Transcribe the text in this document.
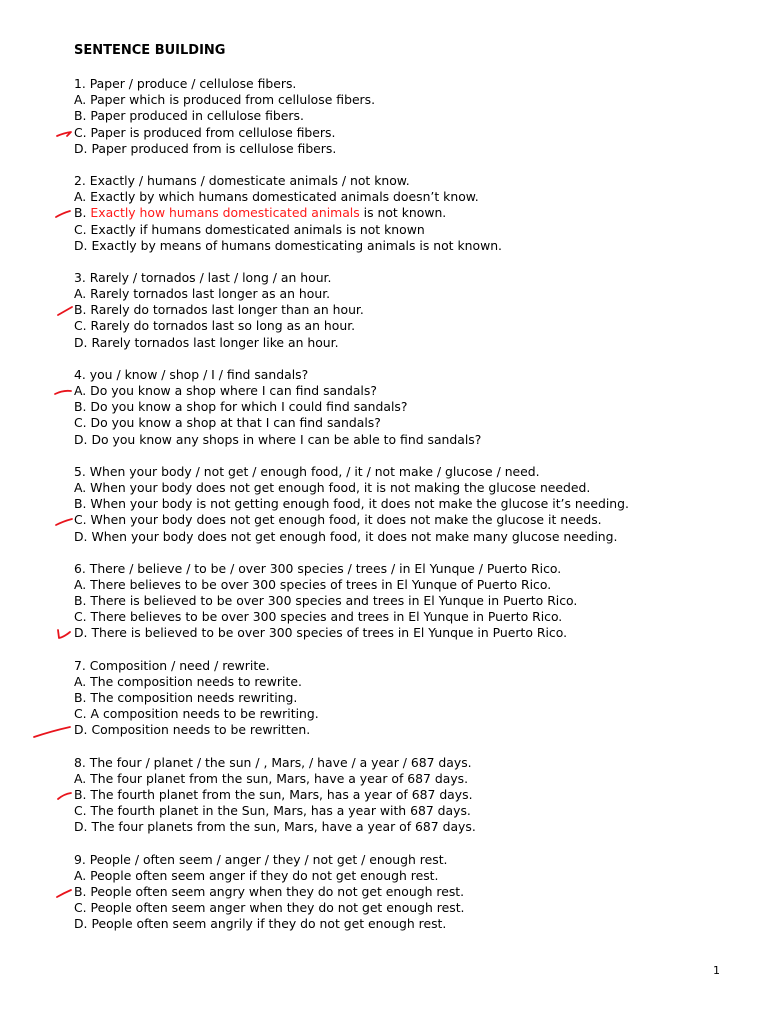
SENTENCE BUILDING
1. Paper / produce / cellulose fibers.
A. Paper which is produced from cellulose fibers.
B. Paper produced in cellulose fibers.
C. Paper is produced from cellulose fibers.
D. Paper produced from is cellulose fibers.
2. Exactly / humans / domesticate animals / not know.
A. Exactly by which humans domesticated animals doesn’t know.
B. Exactly how humans domesticated animals is not known.
C. Exactly if humans domesticated animals is not known
D. Exactly by means of humans domesticating animals is not known.
3. Rarely / tornados / last / long / an hour.
A. Rarely tornados last longer as an hour.
B. Rarely do tornados last longer than an hour.
C. Rarely do tornados last so long as an hour.
D. Rarely tornados last longer like an hour.
4. you / know / shop / I / find sandals?
A. Do you know a shop where I can find sandals?
B. Do you know a shop for which I could find sandals?
C. Do you know a shop at that I can find sandals?
D. Do you know any shops in where I can be able to find sandals?
5. When your body / not get / enough food, / it / not make / glucose / need.
A. When your body does not get enough food, it is not making the glucose needed.
B. When your body is not getting enough food, it does not make the glucose it’s needing.
C. When your body does not get enough food, it does not make the glucose it needs.
D. When your body does not get enough food, it does not make many glucose needing.
6. There / believe / to be / over 300 species / trees / in El Yunque / Puerto Rico.
A. There believes to be over 300 species of trees in El Yunque of Puerto Rico.
B. There is believed to be over 300 species and trees in El Yunque in Puerto Rico.
C. There believes to be over 300 species and trees in El Yunque in Puerto Rico.
D. There is believed to be over 300 species of trees in El Yunque in Puerto Rico.
7. Composition / need / rewrite.
A. The composition needs to rewrite.
B. The composition needs rewriting.
C. A composition needs to be rewriting.
D. Composition needs to be rewritten.
8. The four / planet / the sun / , Mars, / have / a year / 687 days.
A. The four planet from the sun, Mars, have a year of 687 days.
B. The fourth planet from the sun, Mars, has a year of 687 days.
C. The fourth planet in the Sun, Mars, has a year with 687 days.
D. The four planets from the sun, Mars, have a year of 687 days.
9. People / often seem / anger / they / not get / enough rest.
A. People often seem anger if they do not get enough rest.
B. People often seem angry when they do not get enough rest.
C. People often seem anger when they do not get enough rest.
D. People often seem angrily if they do not get enough rest.
1
